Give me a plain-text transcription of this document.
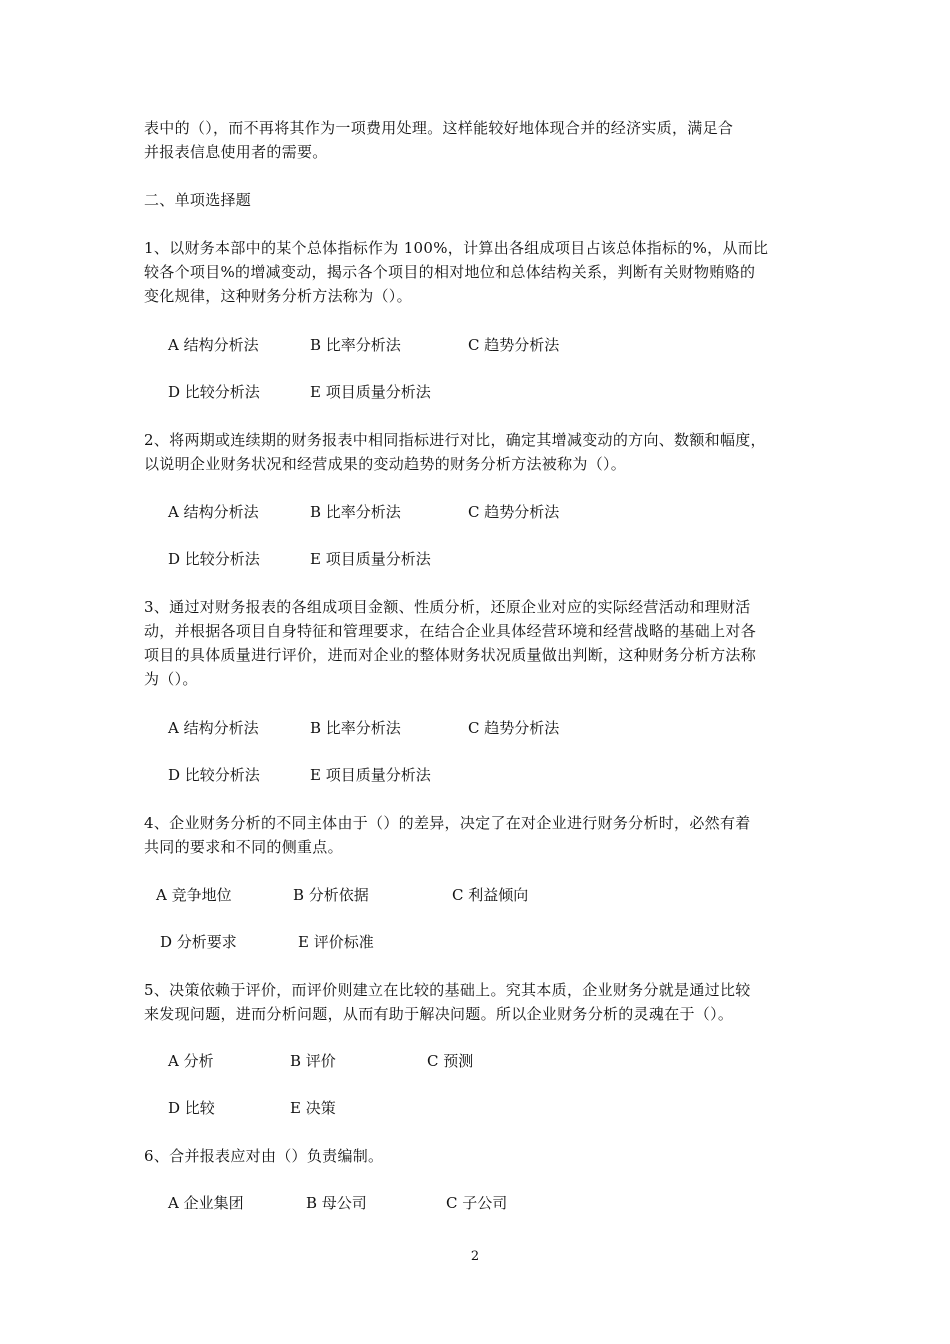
表中的（），而不再将其作为一项费用处理。这样能较好地体现合并的经济实质，满足合
并报表信息使用者的需要。
二、单项选择题
1、以财务本部中的某个总体指标作为 100%，计算出各组成项目占该总体指标的%，从而比
较各个项目%的增减变动，揭示各个项目的相对地位和总体结构关系，判断有关财物贿赂的
变化规律，这种财务分析方法称为（）。
A 结构分析法	B 比率分析法	C 趋势分析法
D 比较分析法	E 项目质量分析法
2、将两期或连续期的财务报表中相同指标进行对比，确定其增减变动的方向、数额和幅度，
以说明企业财务状况和经营成果的变动趋势的财务分析方法被称为（）。
A 结构分析法	B 比率分析法	C 趋势分析法
D 比较分析法	E 项目质量分析法
3、通过对财务报表的各组成项目金额、性质分析，还原企业对应的实际经营活动和理财活
动，并根据各项目自身特征和管理要求，在结合企业具体经营环境和经营战略的基础上对各
项目的具体质量进行评价，进而对企业的整体财务状况质量做出判断，这种财务分析方法称
为（）。
A 结构分析法	B 比率分析法	C 趋势分析法
D 比较分析法	E 项目质量分析法
4、企业财务分析的不同主体由于（）的差异，决定了在对企业进行财务分析时，必然有着
共同的要求和不同的侧重点。
A 竞争地位	B 分析依据	C 利益倾向
D 分析要求	E 评价标准
5、决策依赖于评价，而评价则建立在比较的基础上。究其本质，企业财务分就是通过比较
来发现问题，进而分析问题，从而有助于解决问题。所以企业财务分析的灵魂在于（）。
A 分析	B 评价	C 预测
D 比较	E 决策
6、合并报表应对由（）负责编制。
A 企业集团	B 母公司	C 子公司
2
